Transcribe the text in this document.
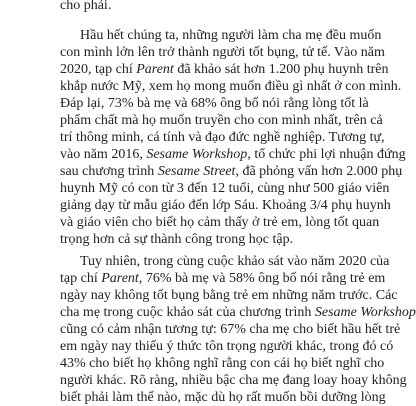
cho phải.
Hầu hết chúng ta, những người làm cha mẹ đều muốn
con mình lớn lên trở thành người tốt bụng, tử tế. Vào năm
2020, tạp chí Parent đã khảo sát hơn 1.200 phụ huynh trên
khắp nước Mỹ, xem họ mong muốn điều gì nhất ở con mình.
Đáp lại, 73% bà mẹ và 68% ông bố nói rằng lòng tốt là
phẩm chất mà họ muốn truyền cho con mình nhất, trên cả
trí thông minh, cá tính và đạo đức nghề nghiệp. Tương tự,
vào năm 2016, Sesame Workshop, tổ chức phi lợi nhuận đứng
sau chương trình Sesame Street, đã phỏng vấn hơn 2.000 phụ
huynh Mỹ có con từ 3 đến 12 tuổi, cùng như 500 giáo viên
giảng dạy từ mẫu giáo đến lớp Sáu. Khoảng 3/4 phụ huynh
và giáo viên cho biết họ cảm thấy ở trẻ em, lòng tốt quan
trọng hơn cả sự thành công trong học tập.
Tuy nhiên, trong cùng cuộc khảo sát vào năm 2020 của
tạp chí Parent, 76% bà mẹ và 58% ông bố nói rằng trẻ em
ngày nay không tốt bụng bằng trẻ em những năm trước. Các
cha mẹ trong cuộc khảo sát của chương trình Sesame Workshop
cũng có cảm nhận tương tự: 67% cha mẹ cho biết hầu hết trẻ
em ngày nay thiếu ý thức tôn trọng người khác, trong đó có
43% cho biết họ không nghĩ rằng con cái họ biết nghĩ cho
người khác. Rõ ràng, nhiều bậc cha mẹ đang loay hoay không
biết phải làm thế nào, mặc dù họ rất muốn bồi dưỡng lòng
